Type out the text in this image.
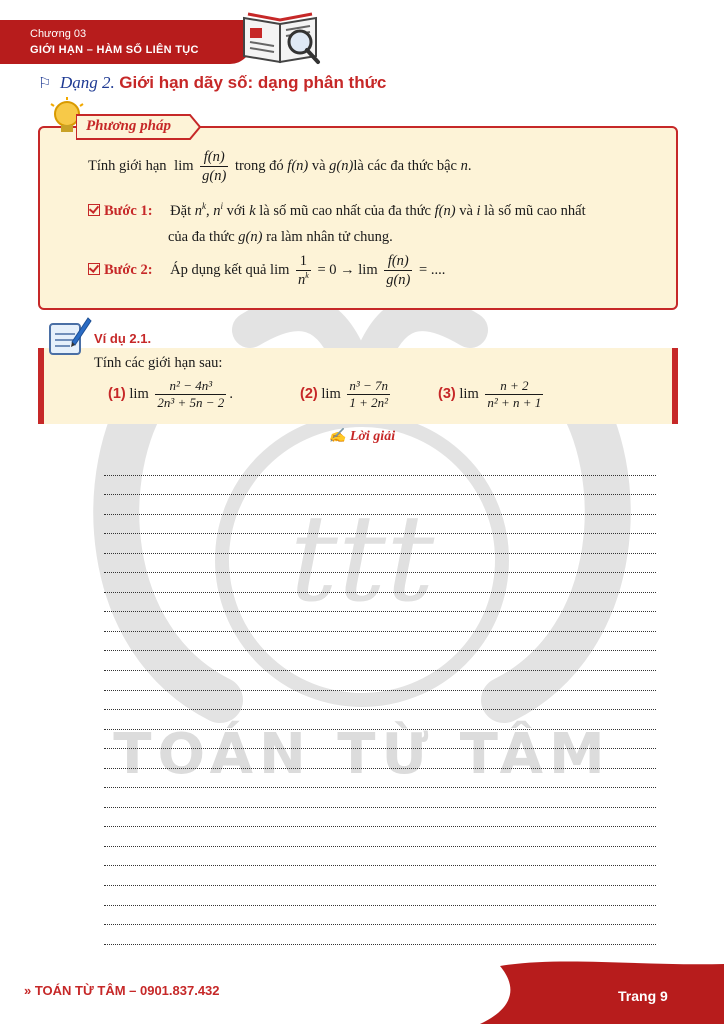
ttt
TOÁN TỪ TÂM
Chương 03
GIỚI HẠN – HÀM SỐ LIÊN TỤC
⚐ Dạng 2. Giới hạn dãy số: dạng phân thức
Phương pháp
Tính giới hạn $\lim \frac{f(n)}{g(n)}$ trong đó f(n) và g(n)là các đa thức bậc n.
Bước 1: Đặt $n^k$, $n^i$ với k là số mũ cao nhất của đa thức f(n) và i là số mũ cao nhất
của đa thức g(n) ra làm nhân tử chung.
Bước 2: Áp dụng kết quả $\lim \frac{1}{n^k} = 0 \to \lim \frac{f(n)}{g(n)}$ = ....
Ví dụ 2.1.
Tính các giới hạn sau:
(1) $\lim \frac{\text{n² − 4n³}}{\text{2n³ + 5n − 2}}$ .	(2) $\lim \frac{\text{n³ − 7n}}{\text{1 + 2n²}}$	(3) $\lim \frac{n + 2}{\text{n² + n + 1}}$
✍ Lời giải
» TOÁN TỪ TÂM – 0901.837.432	Trang 9
